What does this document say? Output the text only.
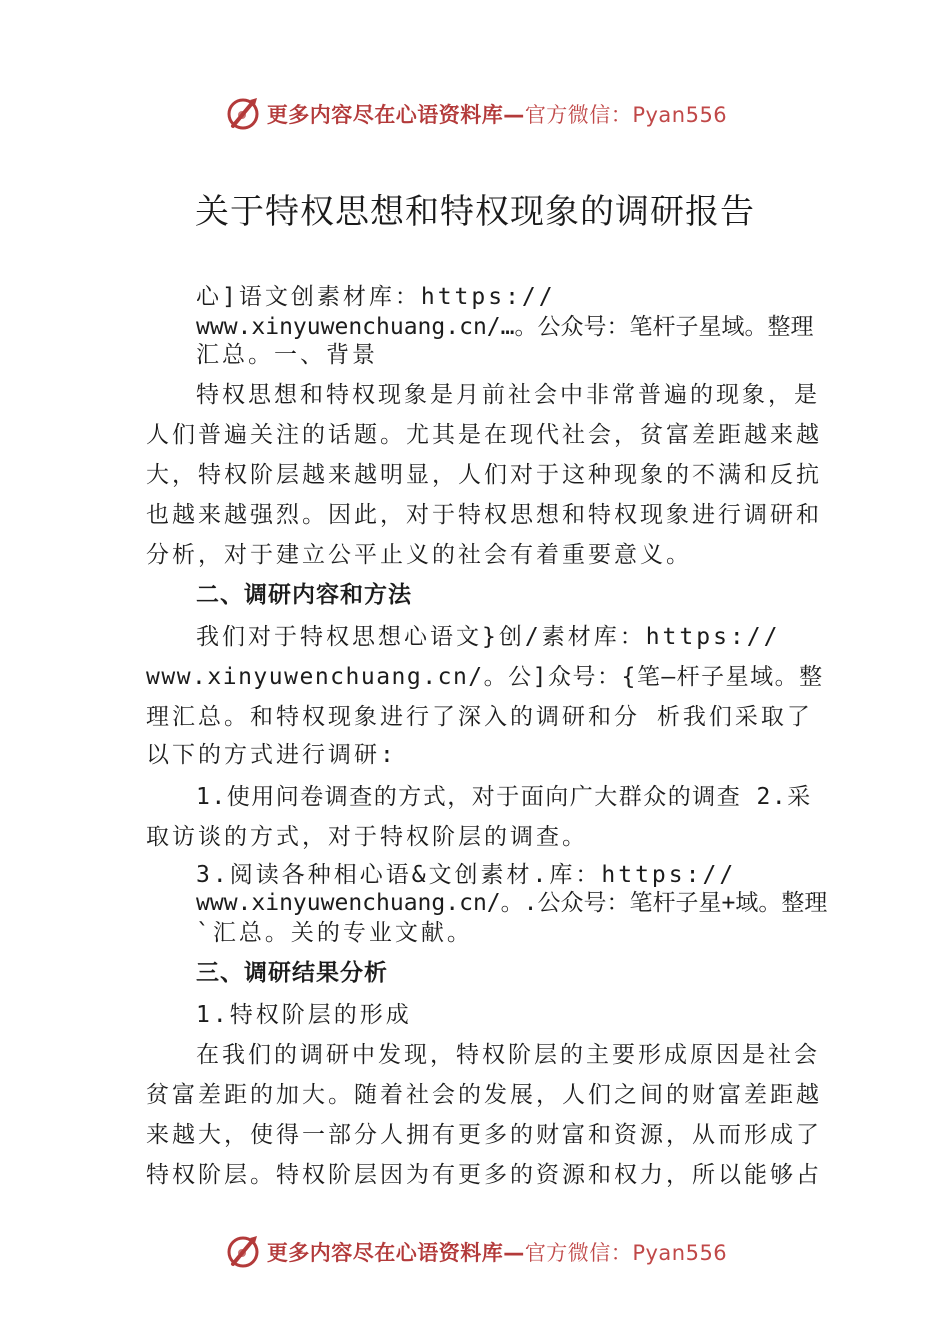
更多内容尽在心语资料库—官方微信：Pyan556
关于特权思想和特权现象的调研报告
心]语文创素材库：https://
www.xinyuwenchuang.cn/…。公众号：笔杆子星域。整理
汇总。一、背景
特权思想和特权现象是月前社会中非常普遍的现象，是
人们普遍关注的话题。尤其是在现代社会，贫富差距越来越
大，特权阶层越来越明显，人们对于这种现象的不满和反抗
也越来越强烈。因此，对于特权思想和特权现象进行调研和
分析，对于建立公平止义的社会有着重要意义。
二、调研内容和方法
我们对于特权思想心语文}创/素材库：https://
www.xinyuwenchuang.cn/。公]众号：{笔—杆子星域。整
理汇总。和特权现象进行了深入的调研和分 析我们采取了
以下的方式进行调研:
1.使用问卷调查的方式，对于面向广大群众的调查 2.采
取访谈的方式，对于特权阶层的调查。
3.阅读各种相心语&文创素材.库：https://
www.xinyuwenchuang.cn/。.公众号：笔杆子星+域。整理
`汇总。关的专业文献。
三、调研结果分析
1.特权阶层的形成
在我们的调研中发现，特权阶层的主要形成原因是社会
贫富差距的加大。随着社会的发展，人们之间的财富差距越
来越大，使得一部分人拥有更多的财富和资源，从而形成了
特权阶层。特权阶层因为有更多的资源和权力，所以能够占
更多内容尽在心语资料库—官方微信：Pyan556
